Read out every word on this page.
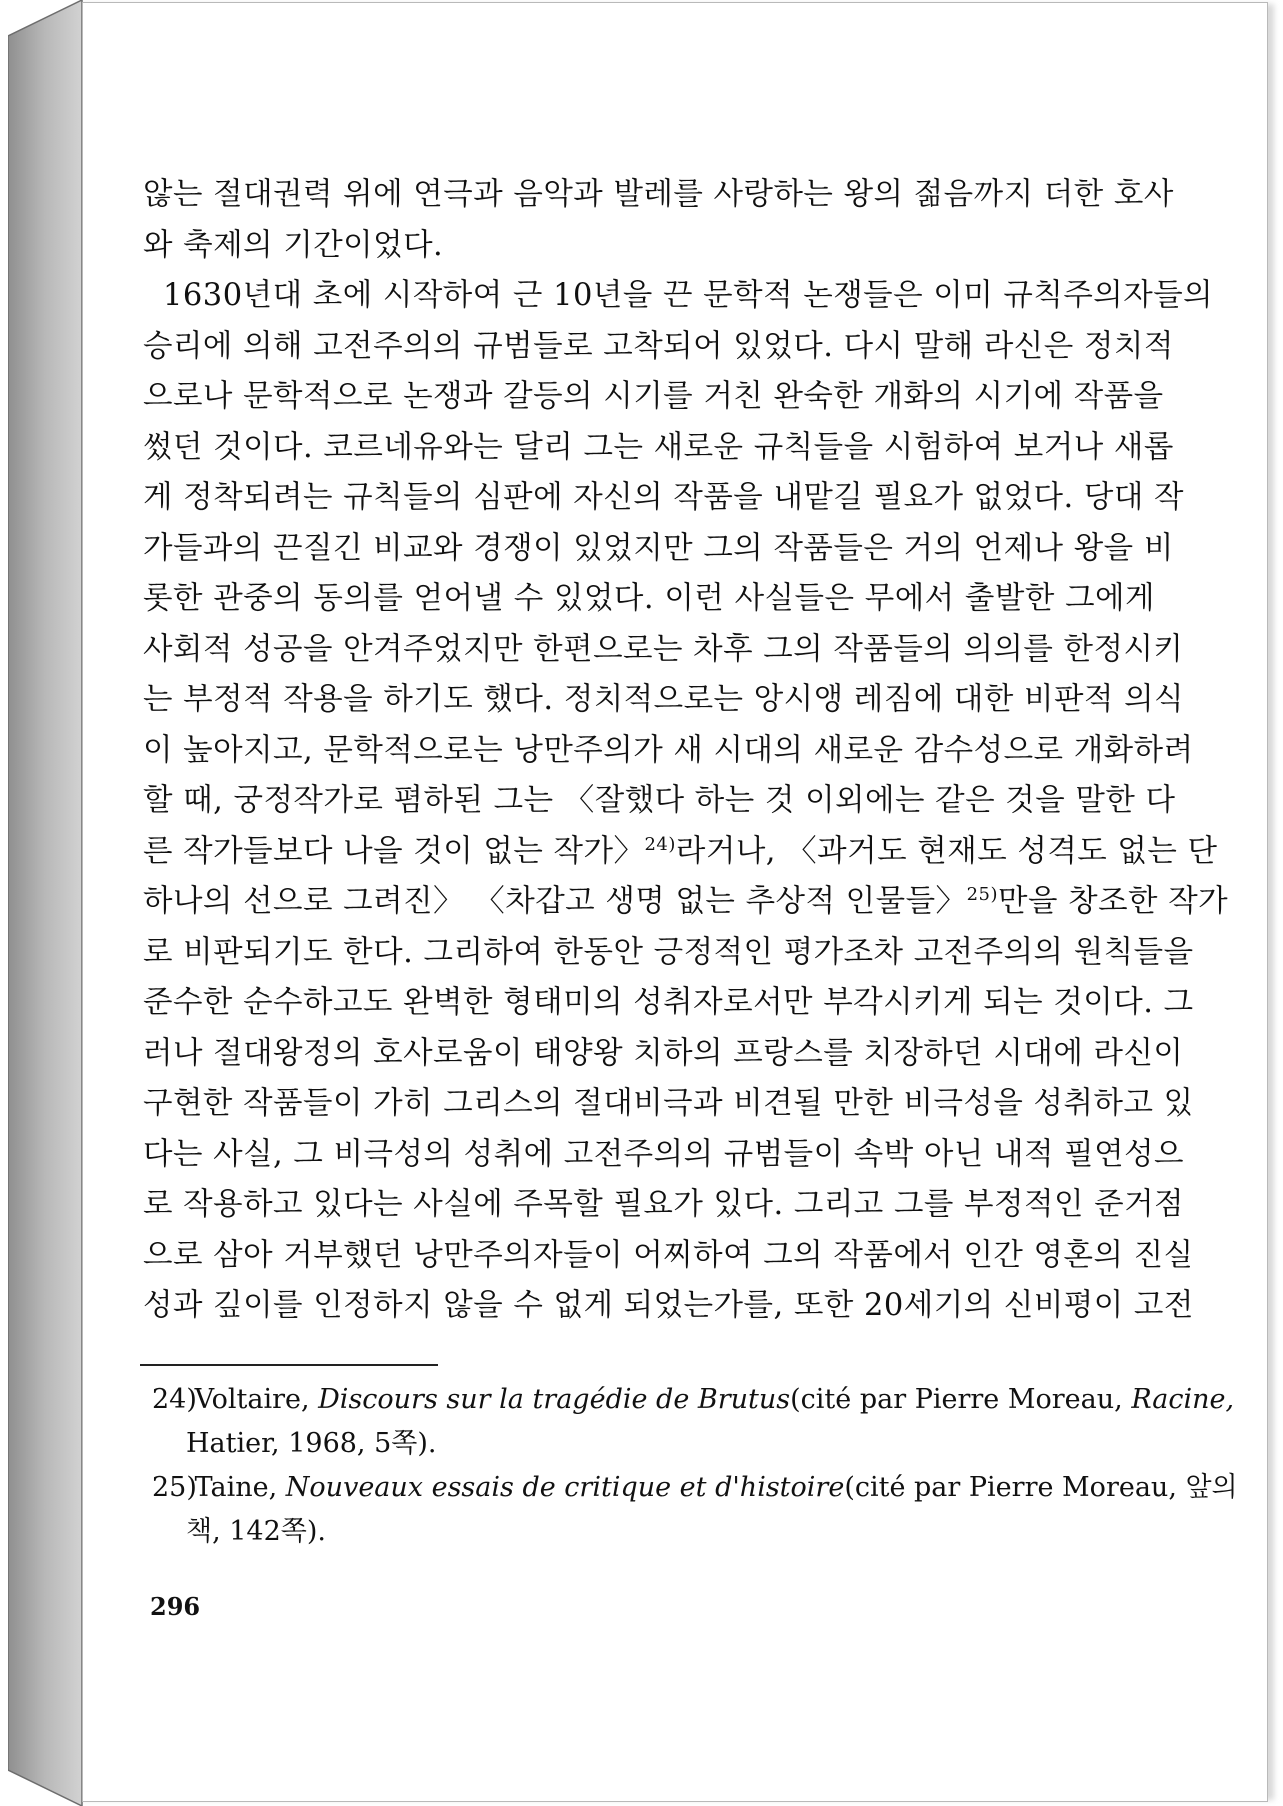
않는 절대권력 위에 연극과 음악과 발레를 사랑하는 왕의 젊음까지 더한 호사
와 축제의 기간이었다.
1630년대 초에 시작하여 근 10년을 끈 문학적 논쟁들은 이미 규칙주의자들의
승리에 의해 고전주의의 규범들로 고착되어 있었다. 다시 말해 라신은 정치적
으로나 문학적으로 논쟁과 갈등의 시기를 거친 완숙한 개화의 시기에 작품을
썼던 것이다. 코르네유와는 달리 그는 새로운 규칙들을 시험하여 보거나 새롭
게 정착되려는 규칙들의 심판에 자신의 작품을 내맡길 필요가 없었다. 당대 작
가들과의 끈질긴 비교와 경쟁이 있었지만 그의 작품들은 거의 언제나 왕을 비
롯한 관중의 동의를 얻어낼 수 있었다. 이런 사실들은 무에서 출발한 그에게
사회적 성공을 안겨주었지만 한편으로는 차후 그의 작품들의 의의를 한정시키
는 부정적 작용을 하기도 했다. 정치적으로는 앙시앵 레짐에 대한 비판적 의식
이 높아지고, 문학적으로는 낭만주의가 새 시대의 새로운 감수성으로 개화하려
할 때, 궁정작가로 폄하된 그는 〈잘했다 하는 것 이외에는 같은 것을 말한 다
른 작가들보다 나을 것이 없는 작가〉$^{24)}$라거나, 〈과거도 현재도 성격도 없는 단
하나의 선으로 그려진〉 〈차갑고 생명 없는 추상적 인물들〉$^{25)}$만을 창조한 작가
로 비판되기도 한다. 그리하여 한동안 긍정적인 평가조차 고전주의의 원칙들을
준수한 순수하고도 완벽한 형태미의 성취자로서만 부각시키게 되는 것이다. 그
러나 절대왕정의 호사로움이 태양왕 치하의 프랑스를 치장하던 시대에 라신이
구현한 작품들이 가히 그리스의 절대비극과 비견될 만한 비극성을 성취하고 있
다는 사실, 그 비극성의 성취에 고전주의의 규범들이 속박 아닌 내적 필연성으
로 작용하고 있다는 사실에 주목할 필요가 있다. 그리고 그를 부정적인 준거점
으로 삼아 거부했던 낭만주의자들이 어찌하여 그의 작품에서 인간 영혼의 진실
성과 깊이를 인정하지 않을 수 없게 되었는가를, 또한 20세기의 신비평이 고전
24) Voltaire, Discours sur la tragédie de Brutus(cité par Pierre Moreau, Racine,
Hatier, 1968, 5쪽).
25) Taine, Nouveaux essais de critique et d'histoire(cité par Pierre Moreau, 앞의
책, 142쪽).
296
